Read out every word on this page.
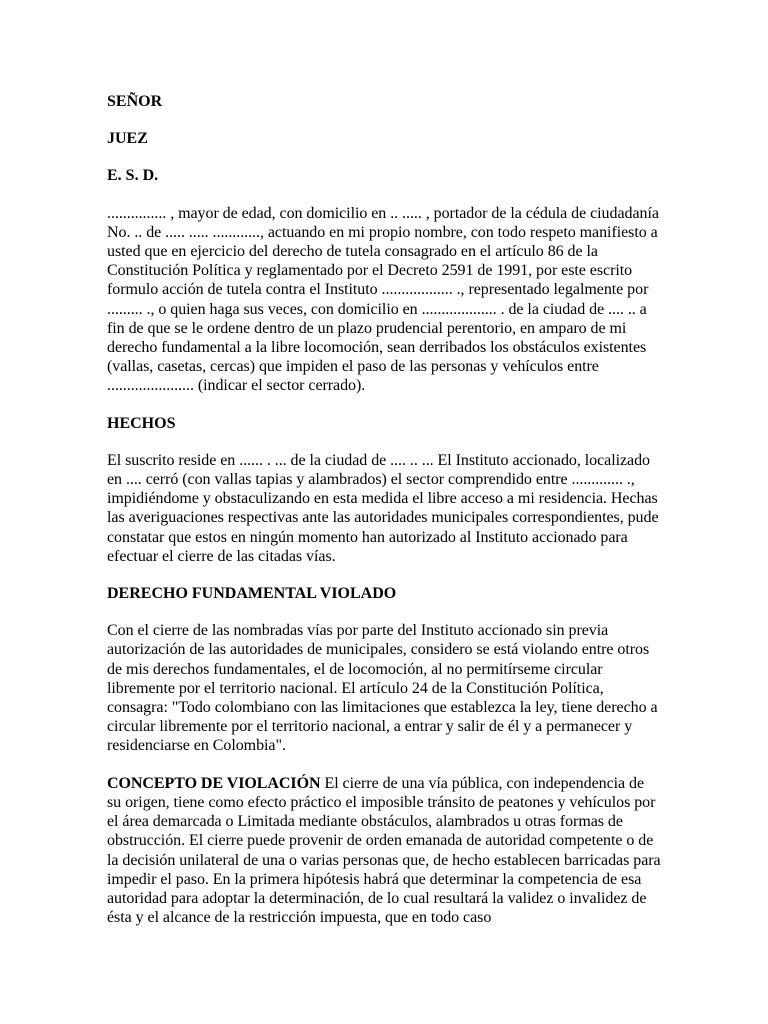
SEÑOR

JUEZ

E. S. D.

............... , mayor de edad, con domicilio en .. ..... , portador de la cédula de ciudadanía No. .. de ..... ..... ............, actuando en mi propio nombre, con todo respeto manifiesto a usted que en ejercicio del derecho de tutela consagrado en el artículo 86 de la Constitución Política y reglamentado por el Decreto 2591 de 1991, por este escrito formulo acción de tutela contra el Instituto .................. ., representado legalmente por ......... ., o quien haga sus veces, con domicilio en ................... . de la ciudad de .... .. a fin de que se le ordene dentro de un plazo prudencial perentorio, en amparo de mi derecho fundamental a la libre locomoción, sean derribados los obstáculos existentes (vallas, casetas, cercas) que impiden el paso de las personas y vehículos entre ...................... (indicar el sector cerrado).

HECHOS

El suscrito reside en ...... . ... de la ciudad de .... .. ... El Instituto accionado, localizado en .... cerró (con vallas tapias y alambrados) el sector comprendido entre ............. ., impidiéndome y obstaculizando en esta medida el libre acceso a mi residencia. Hechas las averiguaciones respectivas ante las autoridades municipales correspondientes, pude constatar que estos en ningún momento han autorizado al Instituto accionado para efectuar el cierre de las citadas vías.

DERECHO FUNDAMENTAL VIOLADO

Con el cierre de las nombradas vías por parte del Instituto accionado sin previa autorización de las autoridades de municipales, considero se está violando entre otros de mis derechos fundamentales, el de locomoción, al no permitírseme circular libremente por el territorio nacional. El artículo 24 de la Constitución Política, consagra: "Todo colombiano con las limitaciones que establezca la ley, tiene derecho a circular libremente por el territorio nacional, a entrar y salir de él y a permanecer y residenciarse en Colombia".

CONCEPTO DE VIOLACIÓN El cierre de una vía pública, con independencia de su origen, tiene como efecto práctico el imposible tránsito de peatones y vehículos por el área demarcada o Limitada mediante obstáculos, alambrados u otras formas de obstrucción. El cierre puede provenir de orden emanada de autoridad competente o de la decisión unilateral de una o varias personas que, de hecho establecen barricadas para impedir el paso. En la primera hipótesis habrá que determinar la competencia de esa autoridad para adoptar la determinación, de lo cual resultará la validez o invalidez de ésta y el alcance de la restricción impuesta, que en todo caso
